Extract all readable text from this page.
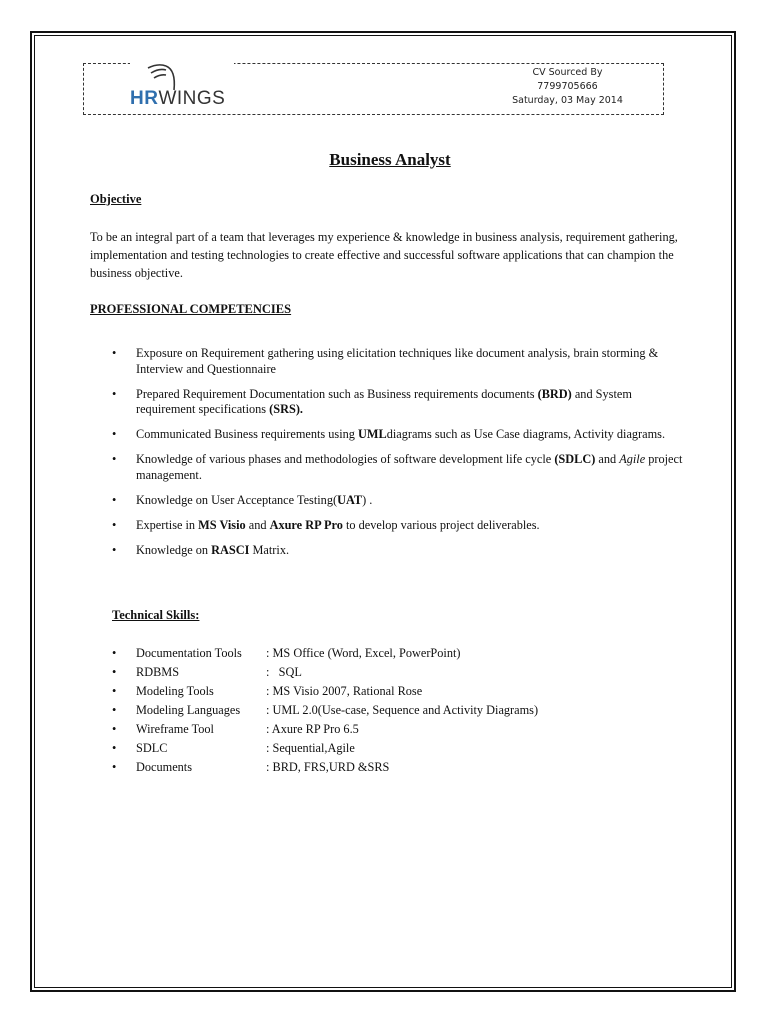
HRWINGS
CV Sourced By
7799705666
Saturday, 03 May 2014
Business Analyst
Objective
To be an integral part of a team that leverages my experience & knowledge in business analysis, requirement gathering, implementation and testing technologies to create effective and successful software applications that can champion the business objective.
PROFESSIONAL COMPETENCIES
• Exposure on Requirement gathering using elicitation techniques like document analysis, brain storming & Interview and Questionnaire
• Prepared Requirement Documentation such as Business requirements documents (BRD) and System requirement specifications (SRS).
• Communicated Business requirements using UMLdiagrams such as Use Case diagrams, Activity diagrams.
• Knowledge of various phases and methodologies of software development life cycle (SDLC) and Agile project management.
• Knowledge on User Acceptance Testing(UAT) .
• Expertise in MS Visio and Axure RP Pro to develop various project deliverables.
• Knowledge on RASCI Matrix.
Technical Skills:
• Documentation Tools : MS Office (Word, Excel, PowerPoint)
• RDBMS	:   SQL
• Modeling Tools	: MS Visio 2007, Rational Rose
• Modeling Languages : UML 2.0(Use-case, Sequence and Activity Diagrams)
• Wireframe Tool	: Axure RP Pro 6.5
• SDLC	: Sequential,Agile
• Documents	: BRD, FRS,URD &SRS
